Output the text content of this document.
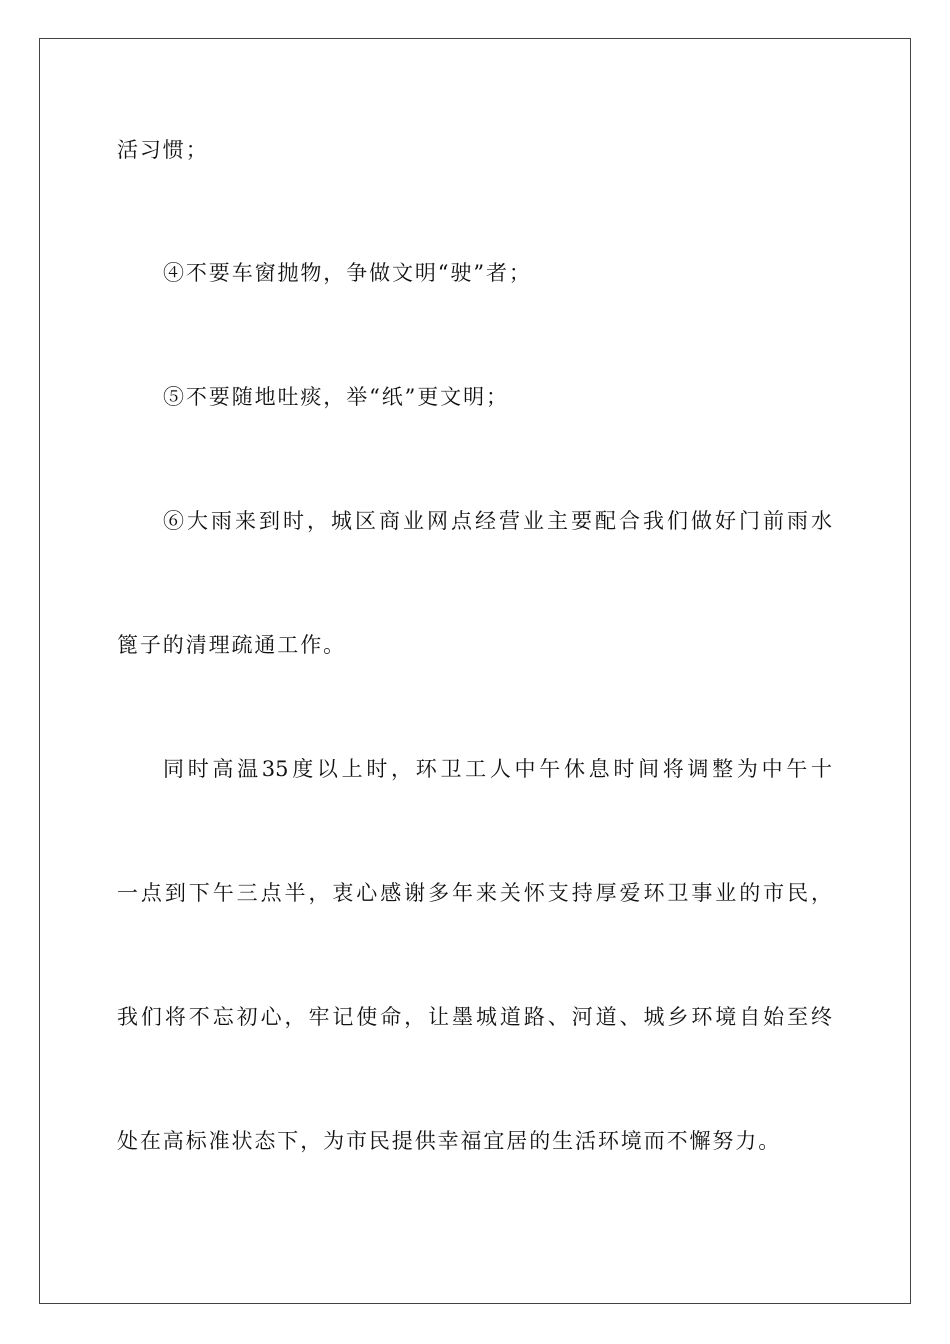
活习惯；
④不要车窗抛物，争做文明“驶”者；
⑤不要随地吐痰，举“纸”更文明；
⑥大雨来到时，城区商业网点经营业主要配合我们做好门前雨水
篦子的清理疏通工作。
同时高温35度以上时，环卫工人中午休息时间将调整为中午十
一点到下午三点半，衷心感谢多年来关怀支持厚爱环卫事业的市民，
我们将不忘初心，牢记使命，让墨城道路、河道、城乡环境自始至终
处在高标准状态下，为市民提供幸福宜居的生活环境而不懈努力。
